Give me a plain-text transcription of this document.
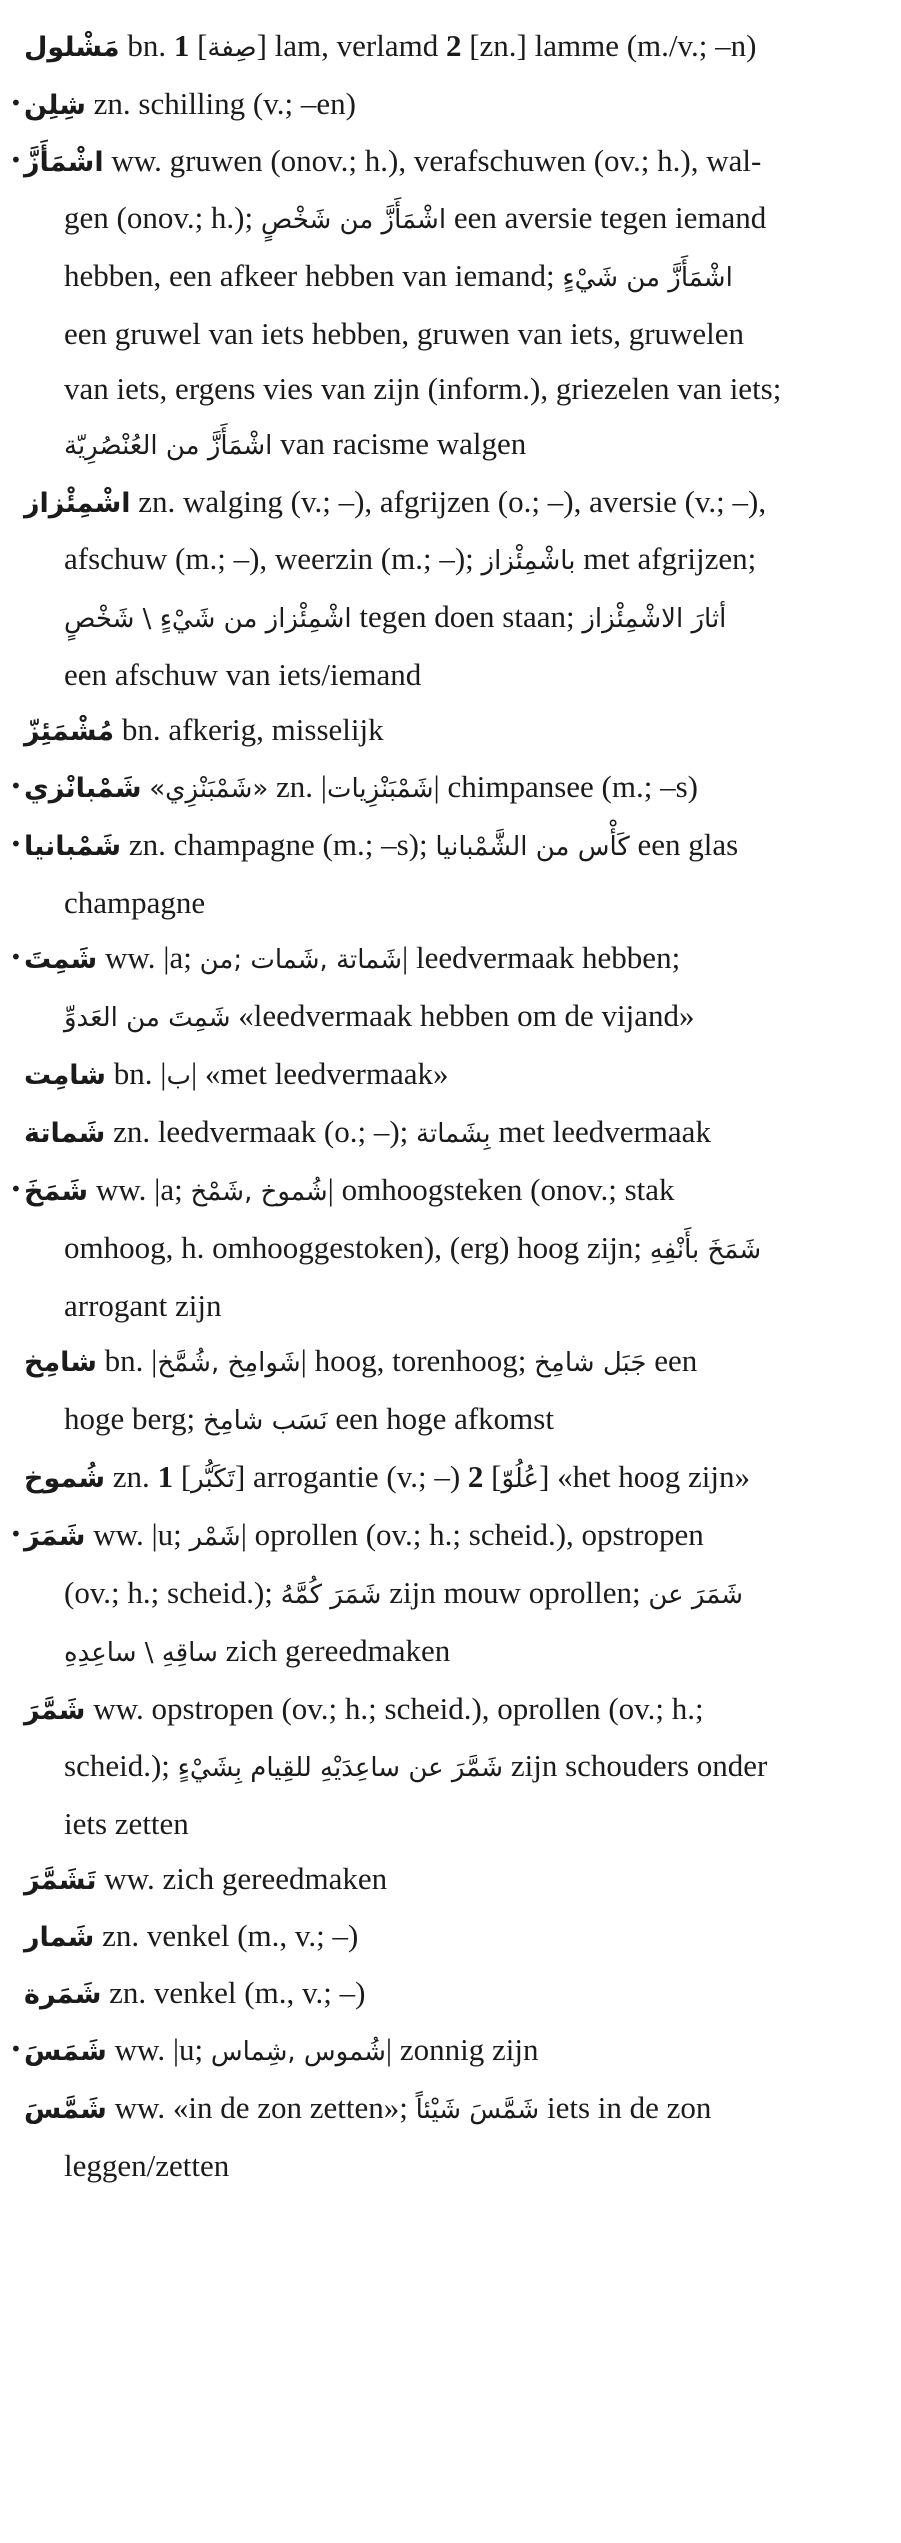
مَشْلول bn. 1 [صِفة] lam, verlamd 2 [zn.] lamme (m./v.; –n)
• شِلِن zn. schilling (v.; –en)
• اشْمَأَزَّ ww. gruwen (onov.; h.), verafschuwen (ov.; h.), wal-
gen (onov.; h.); اشْمَأَزَّ من شَخْصٍ een aversie tegen iemand
hebben, een afkeer hebben van iemand; اشْمَأَزَّ من شَيْءٍ
een gruwel van iets hebben, gruwen van iets, gruwelen
van iets, ergens vies van zijn (inform.), griezelen van iets;
اشْمَأَزَّ من العُنْصُرِيّة van racisme walgen
اشْمِئْزاز zn. walging (v.; –), afgrijzen (o.; –), aversie (v.; –),
afschuw (m.; –), weerzin (m.; –); باشْمِئْزاز met afgrijzen;
اشْمِئْزاز من شَيْءٍ \ شَخْصٍ tegen doen staan; أثارَ الاشْمِئْزاز
een afschuw van iets/iemand
مُشْمَئِزّ bn. afkerig, misselijk
• شَمْبانْزي «شَمْبَنْزِي» zn. |شَمْبَنْزِيات| chimpansee (m.; –s)
• شَمْبانيا zn. champagne (m.; –s); كَأْس من الشَّمْبانيا een glas
champagne
• شَمِتَ ww. |a; شَماتة ,شَمات ;من| leedvermaak hebben;
شَمِتَ من العَدوِّ «leedvermaak hebben om de vijand»
شامِت bn. |ب| «met leedvermaak»
شَماتة zn. leedvermaak (o.; –); بِشَماتة met leedvermaak
• شَمَخَ ww. |a; شُموخ ,شَمْخ| omhoogsteken (onov.; stak
omhoog, h. omhooggestoken), (erg) hoog zijn; شَمَخَ بأَنْفِهِ
arrogant zijn
شامِخ bn. |شَوامِخ ,شُمَّخ| hoog, torenhoog; جَبَل شامِخ een
hoge berg; نَسَب شامِخ een hoge afkomst
شُموخ zn. 1 [تَكَبُّر] arrogantie (v.; –) 2 [عُلُوّ] «het hoog zijn»
• شَمَرَ ww. |u; شَمْر| oprollen (ov.; h.; scheid.), opstropen
(ov.; h.; scheid.); شَمَرَ كُمَّهُ zijn mouw oprollen; شَمَرَ عن
ساقِهِ \ ساعِدِهِ zich gereedmaken
شَمَّرَ ww. opstropen (ov.; h.; scheid.), oprollen (ov.; h.;
scheid.); شَمَّرَ عن ساعِدَيْهِ للقِيام بِشَيْءٍ zijn schouders onder
iets zetten
تَشَمَّرَ ww. zich gereedmaken
شَمار zn. venkel (m., v.; –)
شَمَرة zn. venkel (m., v.; –)
• شَمَسَ ww. |u; شُموس ,شِماس| zonnig zijn
شَمَّسَ ww. «in de zon zetten»; شَمَّسَ شَيْئاً iets in de zon
leggen/zetten
